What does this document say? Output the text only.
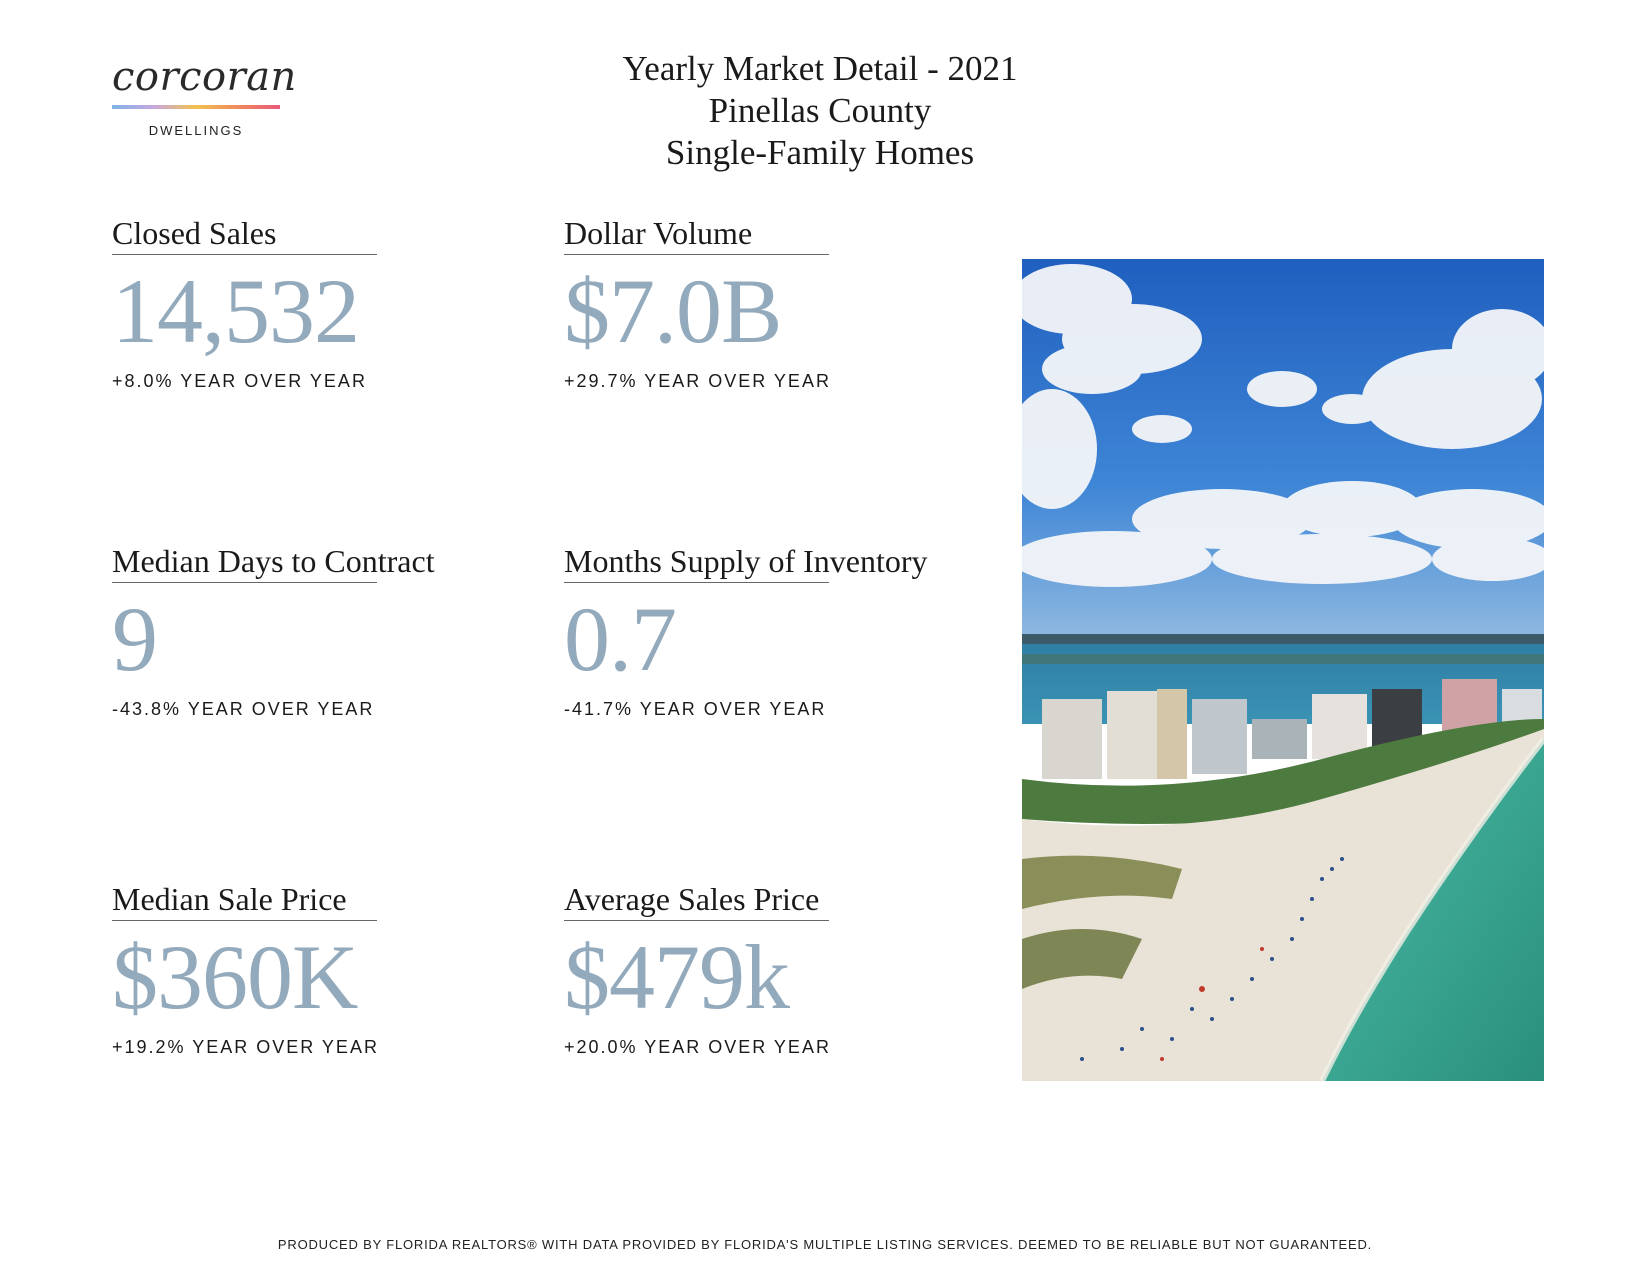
corcoran
DWELLINGS
Yearly Market Detail - 2021
Pinellas County
Single-Family Homes
Closed Sales
14,532
+8.0% YEAR OVER YEAR
Dollar Volume
$7.0B
+29.7% YEAR OVER YEAR
Median Days to Contract
9
-43.8% YEAR OVER YEAR
Months Supply of Inventory
0.7
-41.7% YEAR OVER YEAR
Median Sale Price
$360K
+19.2% YEAR OVER YEAR
Average Sales Price
$479k
+20.0% YEAR OVER YEAR
PRODUCED BY FLORIDA REALTORS® WITH DATA PROVIDED BY FLORIDA'S MULTIPLE LISTING SERVICES. DEEMED TO BE RELIABLE BUT NOT GUARANTEED.
